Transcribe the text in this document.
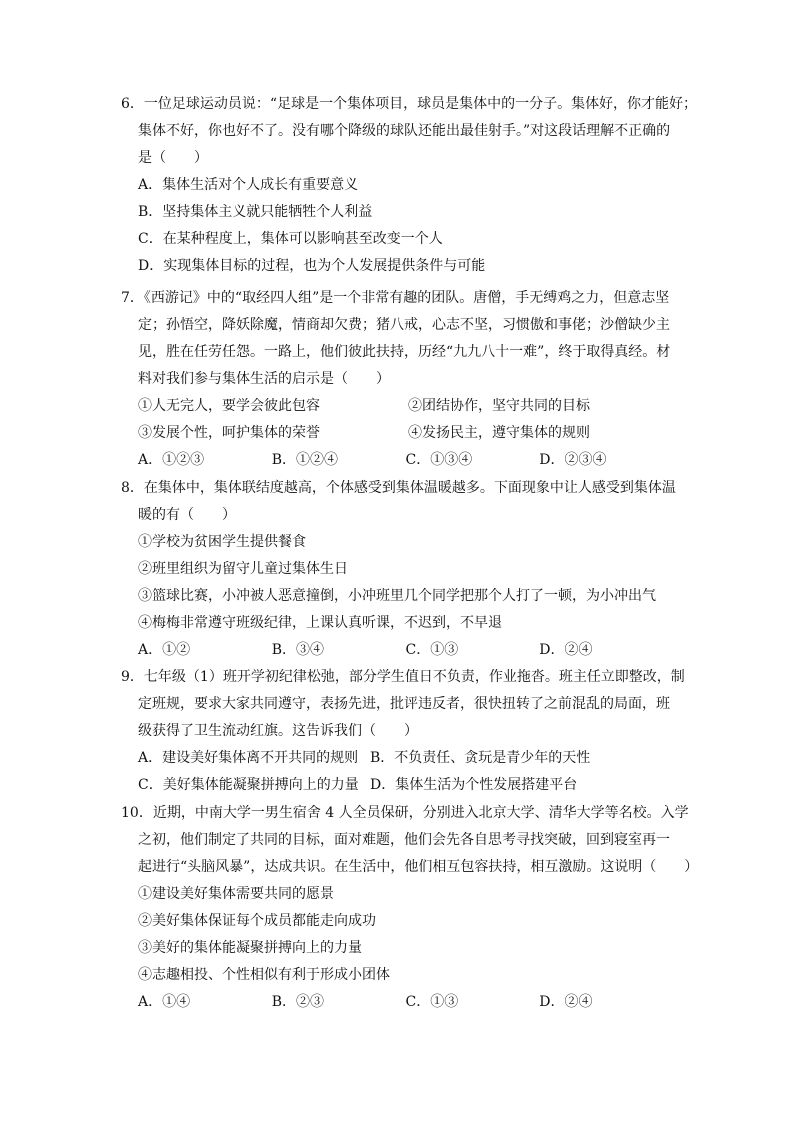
6．一位足球运动员说：“足球是一个集体项目，球员是集体中的一分子。集体好，你才能好；
集体不好，你也好不了。没有哪个降级的球队还能出最佳射手。”对这段话理解不正确的
是（　　）
A．集体生活对个人成长有重要意义
B．坚持集体主义就只能牺牲个人利益
C．在某种程度上，集体可以影响甚至改变一个人
D．实现集体目标的过程，也为个人发展提供条件与可能
7．《西游记》中的“取经四人组”是一个非常有趣的团队。唐僧，手无缚鸡之力，但意志坚
定；孙悟空，降妖除魔，情商却欠费；猪八戒，心志不坚，习惯傲和事佬；沙僧缺少主
见，胜在任劳任怨。一路上，他们彼此扶持，历经“九九八十一难”，终于取得真经。材
料对我们参与集体生活的启示是（　　）
①人无完人，要学会彼此包容	②团结协作，坚守共同的目标
③发展个性，呵护集体的荣誉	④发扬民主，遵守集体的规则
A．①②③	B．①②④	C．①③④	D．②③④
8．在集体中，集体联结度越高，个体感受到集体温暖越多。下面现象中让人感受到集体温
暖的有（　　）
①学校为贫困学生提供餐食
②班里组织为留守儿童过集体生日
③篮球比赛，小冲被人恶意撞倒，小冲班里几个同学把那个人打了一顿，为小冲出气
④梅梅非常遵守班级纪律，上课认真听课，不迟到，不早退
A．①②	B．③④	C．①③	D．②④
9．七年级（1）班开学初纪律松弛，部分学生值日不负责，作业拖沓。班主任立即整改，制
定班规，要求大家共同遵守，表扬先进，批评违反者，很快扭转了之前混乱的局面，班
级获得了卫生流动红旗。这告诉我们（　　）
A．建设美好集体离不开共同的规则 B．不负责任、贪玩是青少年的天性
C．美好集体能凝聚拼搏向上的力量 D．集体生活为个性发展搭建平台
10．近期，中南大学一男生宿舍 4 人全员保研，分别进入北京大学、清华大学等名校。入学
之初，他们制定了共同的目标，面对难题，他们会先各自思考寻找突破，回到寝室再一
起进行“头脑风暴”，达成共识。在生活中，他们相互包容扶持，相互激励。这说明（　　）
①建设美好集体需要共同的愿景
②美好集体保证每个成员都能走向成功
③美好的集体能凝聚拼搏向上的力量
④志趣相投、个性相似有利于形成小团体
A．①④	B．②③	C．①③	D．②④
